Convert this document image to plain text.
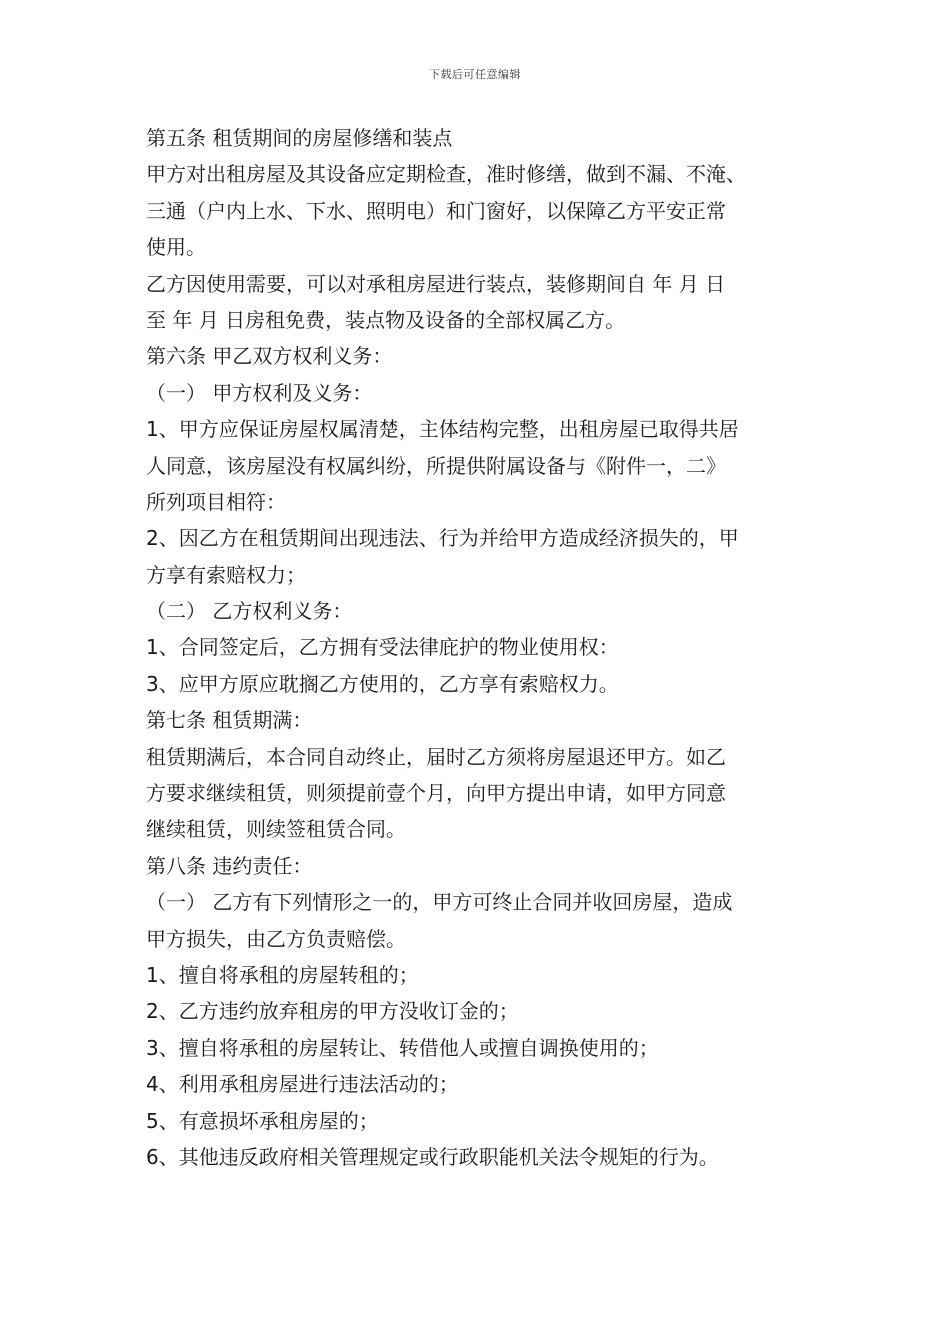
下载后可任意编辑
第五条 租赁期间的房屋修缮和装点
甲方对出租房屋及其设备应定期检查，准时修缮，做到不漏、不淹、
三通（户内上水、下水、照明电）和门窗好，以保障乙方平安正常
使用。
乙方因使用需要，可以对承租房屋进行装点，装修期间自 年 月 日
至 年 月 日房租免费，装点物及设备的全部权属乙方。
第六条 甲乙双方权利义务：
（一） 甲方权利及义务：
1、甲方应保证房屋权属清楚，主体结构完整，出租房屋已取得共居
人同意，该房屋没有权属纠纷，所提供附属设备与《附件一，二》
所列项目相符：
2、因乙方在租赁期间出现违法、行为并给甲方造成经济损失的，甲
方享有索赔权力；
（二） 乙方权利义务：
1、合同签定后，乙方拥有受法律庇护的物业使用权：
3、应甲方原应耽搁乙方使用的，乙方享有索赔权力。
第七条 租赁期满：
租赁期满后，本合同自动终止，届时乙方须将房屋退还甲方。如乙
方要求继续租赁，则须提前壹个月，向甲方提出申请，如甲方同意
继续租赁，则续签租赁合同。
第八条 违约责任：
（一） 乙方有下列情形之一的，甲方可终止合同并收回房屋，造成
甲方损失，由乙方负责赔偿。
1、擅自将承租的房屋转租的；
2、乙方违约放弃租房的甲方没收订金的；
3、擅自将承租的房屋转让、转借他人或擅自调换使用的；
4、利用承租房屋进行违法活动的；
5、有意损坏承租房屋的；
6、其他违反政府相关管理规定或行政职能机关法令规矩的行为。
